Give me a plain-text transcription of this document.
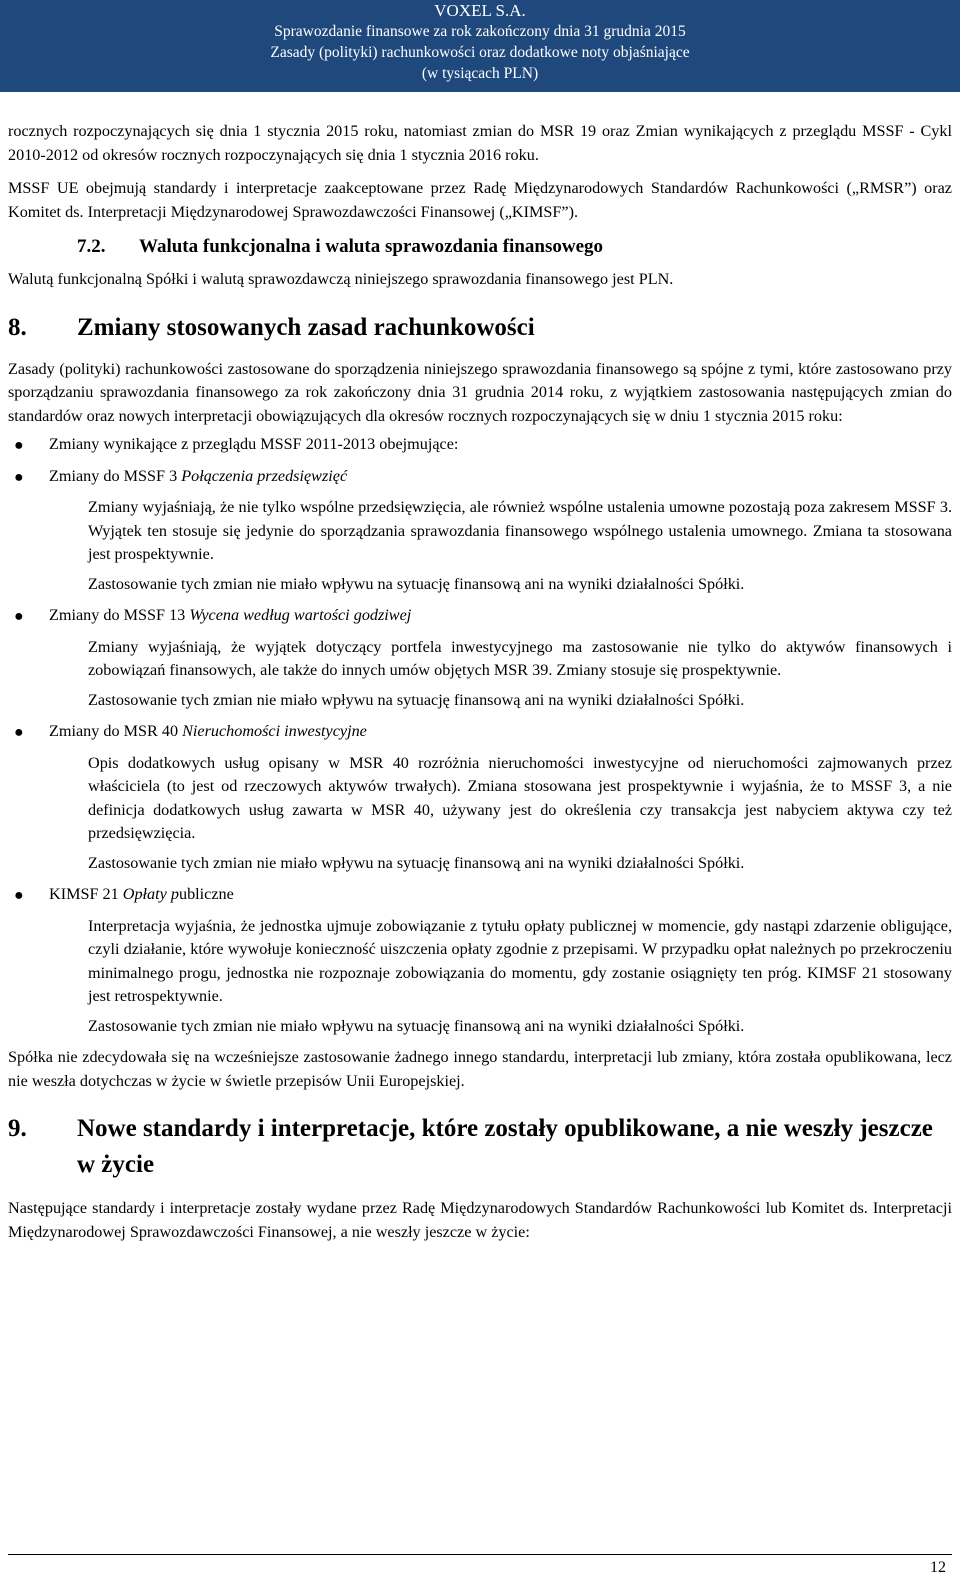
VOXEL S.A.
Sprawozdanie finansowe za rok zakończony dnia 31 grudnia 2015
Zasady (polityki) rachunkowości oraz dodatkowe noty objaśniające
(w tysiącach PLN)

rocznych rozpoczynających się dnia 1 stycznia 2015 roku, natomiast zmian do MSR 19 oraz Zmian wynikających z przeglądu MSSF - Cykl 2010-2012 od okresów rocznych rozpoczynających się dnia 1 stycznia 2016 roku.

MSSF UE obejmują standardy i interpretacje zaakceptowane przez Radę Międzynarodowych Standardów Rachunkowości („RMSR”) oraz Komitet ds. Interpretacji Międzynarodowej Sprawozdawczości Finansowej („KIMSF”).

7.2. Waluta funkcjonalna i waluta sprawozdania finansowego

Walutą funkcjonalną Spółki i walutą sprawozdawczą niniejszego sprawozdania finansowego jest PLN.

8.	Zmiany stosowanych zasad rachunkowości

Zasady (polityki) rachunkowości zastosowane do sporządzenia niniejszego sprawozdania finansowego są spójne z tymi, które zastosowano przy sporządzaniu sprawozdania finansowego za rok zakończony dnia 31 grudnia 2014 roku, z wyjątkiem zastosowania następujących zmian do standardów oraz nowych interpretacji obowiązujących dla okresów rocznych rozpoczynających się w dniu 1 stycznia 2015 roku:

● Zmiany wynikające z przeglądu MSSF 2011-2013 obejmujące:
● Zmiany do MSSF 3 Połączenia przedsięwzięć

Zmiany wyjaśniają, że nie tylko wspólne przedsięwzięcia, ale również wspólne ustalenia umowne pozostają poza zakresem MSSF 3. Wyjątek ten stosuje się jedynie do sporządzania sprawozdania finansowego wspólnego ustalenia umownego. Zmiana ta stosowana jest prospektywnie.

Zastosowanie tych zmian nie miało wpływu na sytuację finansową ani na wyniki działalności Spółki.

● Zmiany do MSSF 13 Wycena według wartości godziwej

Zmiany wyjaśniają, że wyjątek dotyczący portfela inwestycyjnego ma zastosowanie nie tylko do aktywów finansowych i zobowiązań finansowych, ale także do innych umów objętych MSR 39. Zmiany stosuje się prospektywnie.

Zastosowanie tych zmian nie miało wpływu na sytuację finansową ani na wyniki działalności Spółki.

● Zmiany do MSR 40 Nieruchomości inwestycyjne

Opis dodatkowych usług opisany w MSR 40 rozróżnia nieruchomości inwestycyjne od nieruchomości zajmowanych przez właściciela (to jest od rzeczowych aktywów trwałych). Zmiana stosowana jest prospektywnie i wyjaśnia, że to MSSF 3, a nie definicja dodatkowych usług zawarta w MSR 40, używany jest do określenia czy transakcja jest nabyciem aktywa czy też przedsięwzięcia.

Zastosowanie tych zmian nie miało wpływu na sytuację finansową ani na wyniki działalności Spółki.

● KIMSF 21 Opłaty publiczne

Interpretacja wyjaśnia, że jednostka ujmuje zobowiązanie z tytułu opłaty publicznej w momencie, gdy nastąpi zdarzenie obligujące, czyli działanie, które wywołuje konieczność uiszczenia opłaty zgodnie z przepisami. W przypadku opłat należnych po przekroczeniu minimalnego progu, jednostka nie rozpoznaje zobowiązania do momentu, gdy zostanie osiągnięty ten próg. KIMSF 21 stosowany jest retrospektywnie.

Zastosowanie tych zmian nie miało wpływu na sytuację finansową ani na wyniki działalności Spółki.

Spółka nie zdecydowała się na wcześniejsze zastosowanie żadnego innego standardu, interpretacji lub zmiany, która została opublikowana, lecz nie weszła dotychczas w życie w świetle przepisów Unii Europejskiej.

9.	Nowe standardy i interpretacje, które zostały opublikowane, a nie weszły jeszcze w życie

Następujące standardy i interpretacje zostały wydane przez Radę Międzynarodowych Standardów Rachunkowości lub Komitet ds. Interpretacji Międzynarodowej Sprawozdawczości Finansowej, a nie weszły jeszcze w życie:

12
